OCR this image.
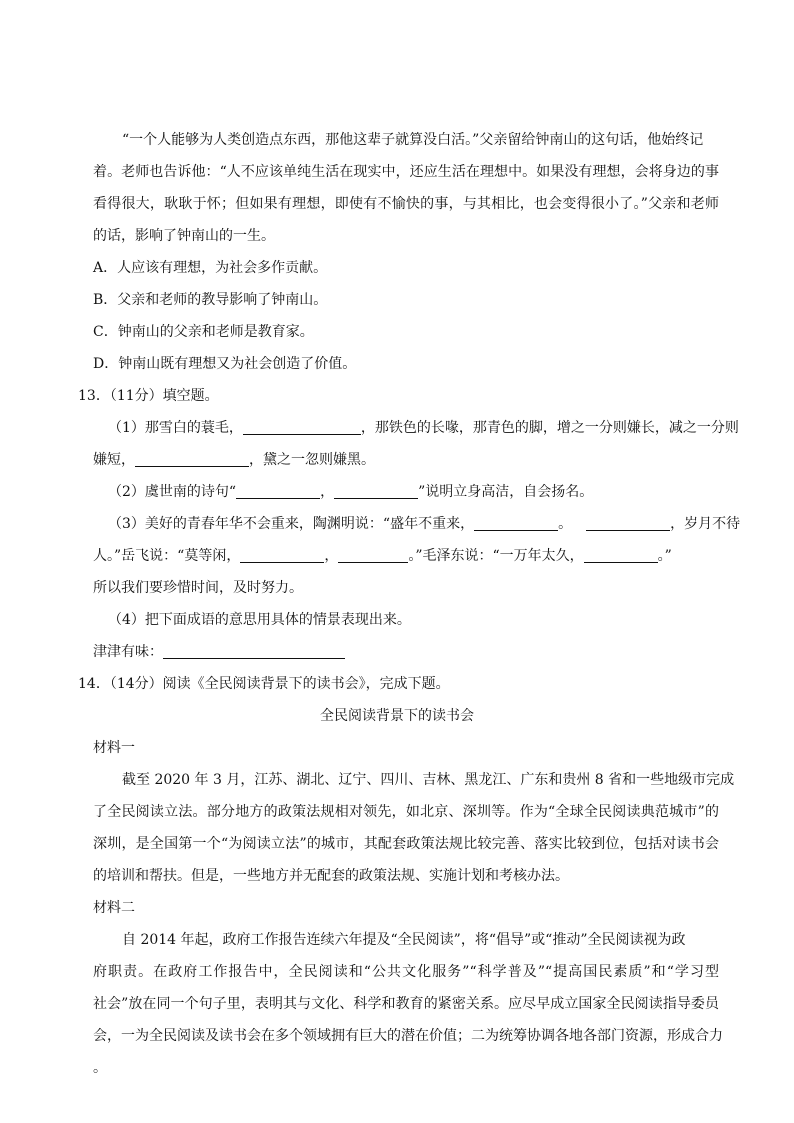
“一个人能够为人类创造点东西，那他这辈子就算没白活。”父亲留给钟南山的这句话，他始终记
着。老师也告诉他：“人不应该单纯生活在现实中，还应生活在理想中。如果没有理想，会将身边的事
看得很大，耿耿于怀；但如果有理想，即使有不愉快的事，与其相比，也会变得很小了。”父亲和老师
的话，影响了钟南山的一生。
A．人应该有理想，为社会多作贡献。
B．父亲和老师的教导影响了钟南山。
C．钟南山的父亲和老师是教育家。
D．钟南山既有理想又为社会创造了价值。
13．（11分）填空题。
（1）那雪白的蓑毛，	，那铁色的长喙，那青色的脚，增之一分则嫌长，减之一分则
嫌短，	，黛之一忽则嫌黑。
（2）虞世南的诗句“	，	”说明立身高洁，自会扬名。
（3）美好的青春年华不会重来，陶渊明说：“盛年不重来，	。	，岁月不待
人。”岳飞说：“莫等闲，	，	。”毛泽东说：“一万年太久，	。”
所以我们要珍惜时间，及时努力。
（4）把下面成语的意思用具体的情景表现出来。
津津有味：
14．（14分）阅读《全民阅读背景下的读书会》，完成下题。
全民阅读背景下的读书会
材料一
截至 2020 年 3 月，江苏、湖北、辽宁、四川、吉林、黑龙江、广东和贵州 8 省和一些地级市完成
了全民阅读立法。部分地方的政策法规相对领先，如北京、深圳等。作为“全球全民阅读典范城市”的
深圳，是全国第一个“为阅读立法”的城市，其配套政策法规比较完善、落实比较到位，包括对读书会
的培训和帮扶。但是，一些地方并无配套的政策法规、实施计划和考核办法。
材料二
自 2014 年起，政府工作报告连续六年提及“全民阅读”，将“倡导”或“推动”全民阅读视为政
府职责。在政府工作报告中，全民阅读和“公共文化服务”“科学普及”“提高国民素质”和“学习型
社会”放在同一个句子里，表明其与文化、科学和教育的紧密关系。应尽早成立国家全民阅读指导委员
会，一为全民阅读及读书会在多个领域拥有巨大的潜在价值；二为统筹协调各地各部门资源，形成合力
。
